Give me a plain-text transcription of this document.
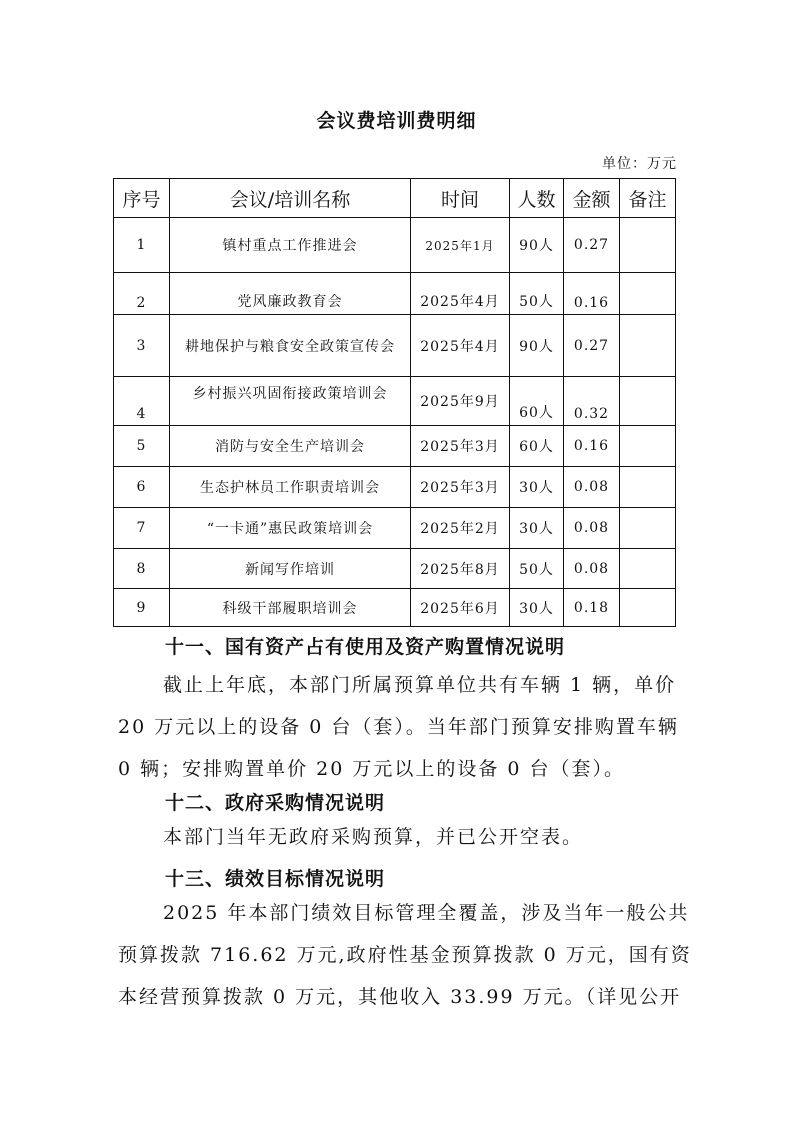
会议费培训费明细
单位：万元
序号	会议/培训名称	时间	人数	金额	备注
1	镇村重点工作推进会	2025年1月	90人	0.27	
2	党风廉政教育会	2025年4月	50人	0.16	
3	耕地保护与粮食安全政策宣传会	2025年4月	90人	0.27	
4	乡村振兴巩固衔接政策培训会	2025年9月	60人	0.32	
5	消防与安全生产培训会	2025年3月	60人	0.16	
6	生态护林员工作职责培训会	2025年3月	30人	0.08	
7	“一卡通”惠民政策培训会	2025年2月	30人	0.08	
8	新闻写作培训	2025年8月	50人	0.08	
9	科级干部履职培训会	2025年6月	30人	0.18	
十一、国有资产占有使用及资产购置情况说明
截止上年底，本部门所属预算单位共有车辆 1 辆，单价
20 万元以上的设备 0 台（套）。当年部门预算安排购置车辆
0 辆；安排购置单价 20 万元以上的设备 0 台（套）。
十二、政府采购情况说明
本部门当年无政府采购预算，并已公开空表。
十三、绩效目标情况说明
2025 年本部门绩效目标管理全覆盖，涉及当年一般公共
预算拨款 716.62 万元,政府性基金预算拨款 0 万元，国有资
本经营预算拨款 0 万元，其他收入 33.99 万元。（详见公开
